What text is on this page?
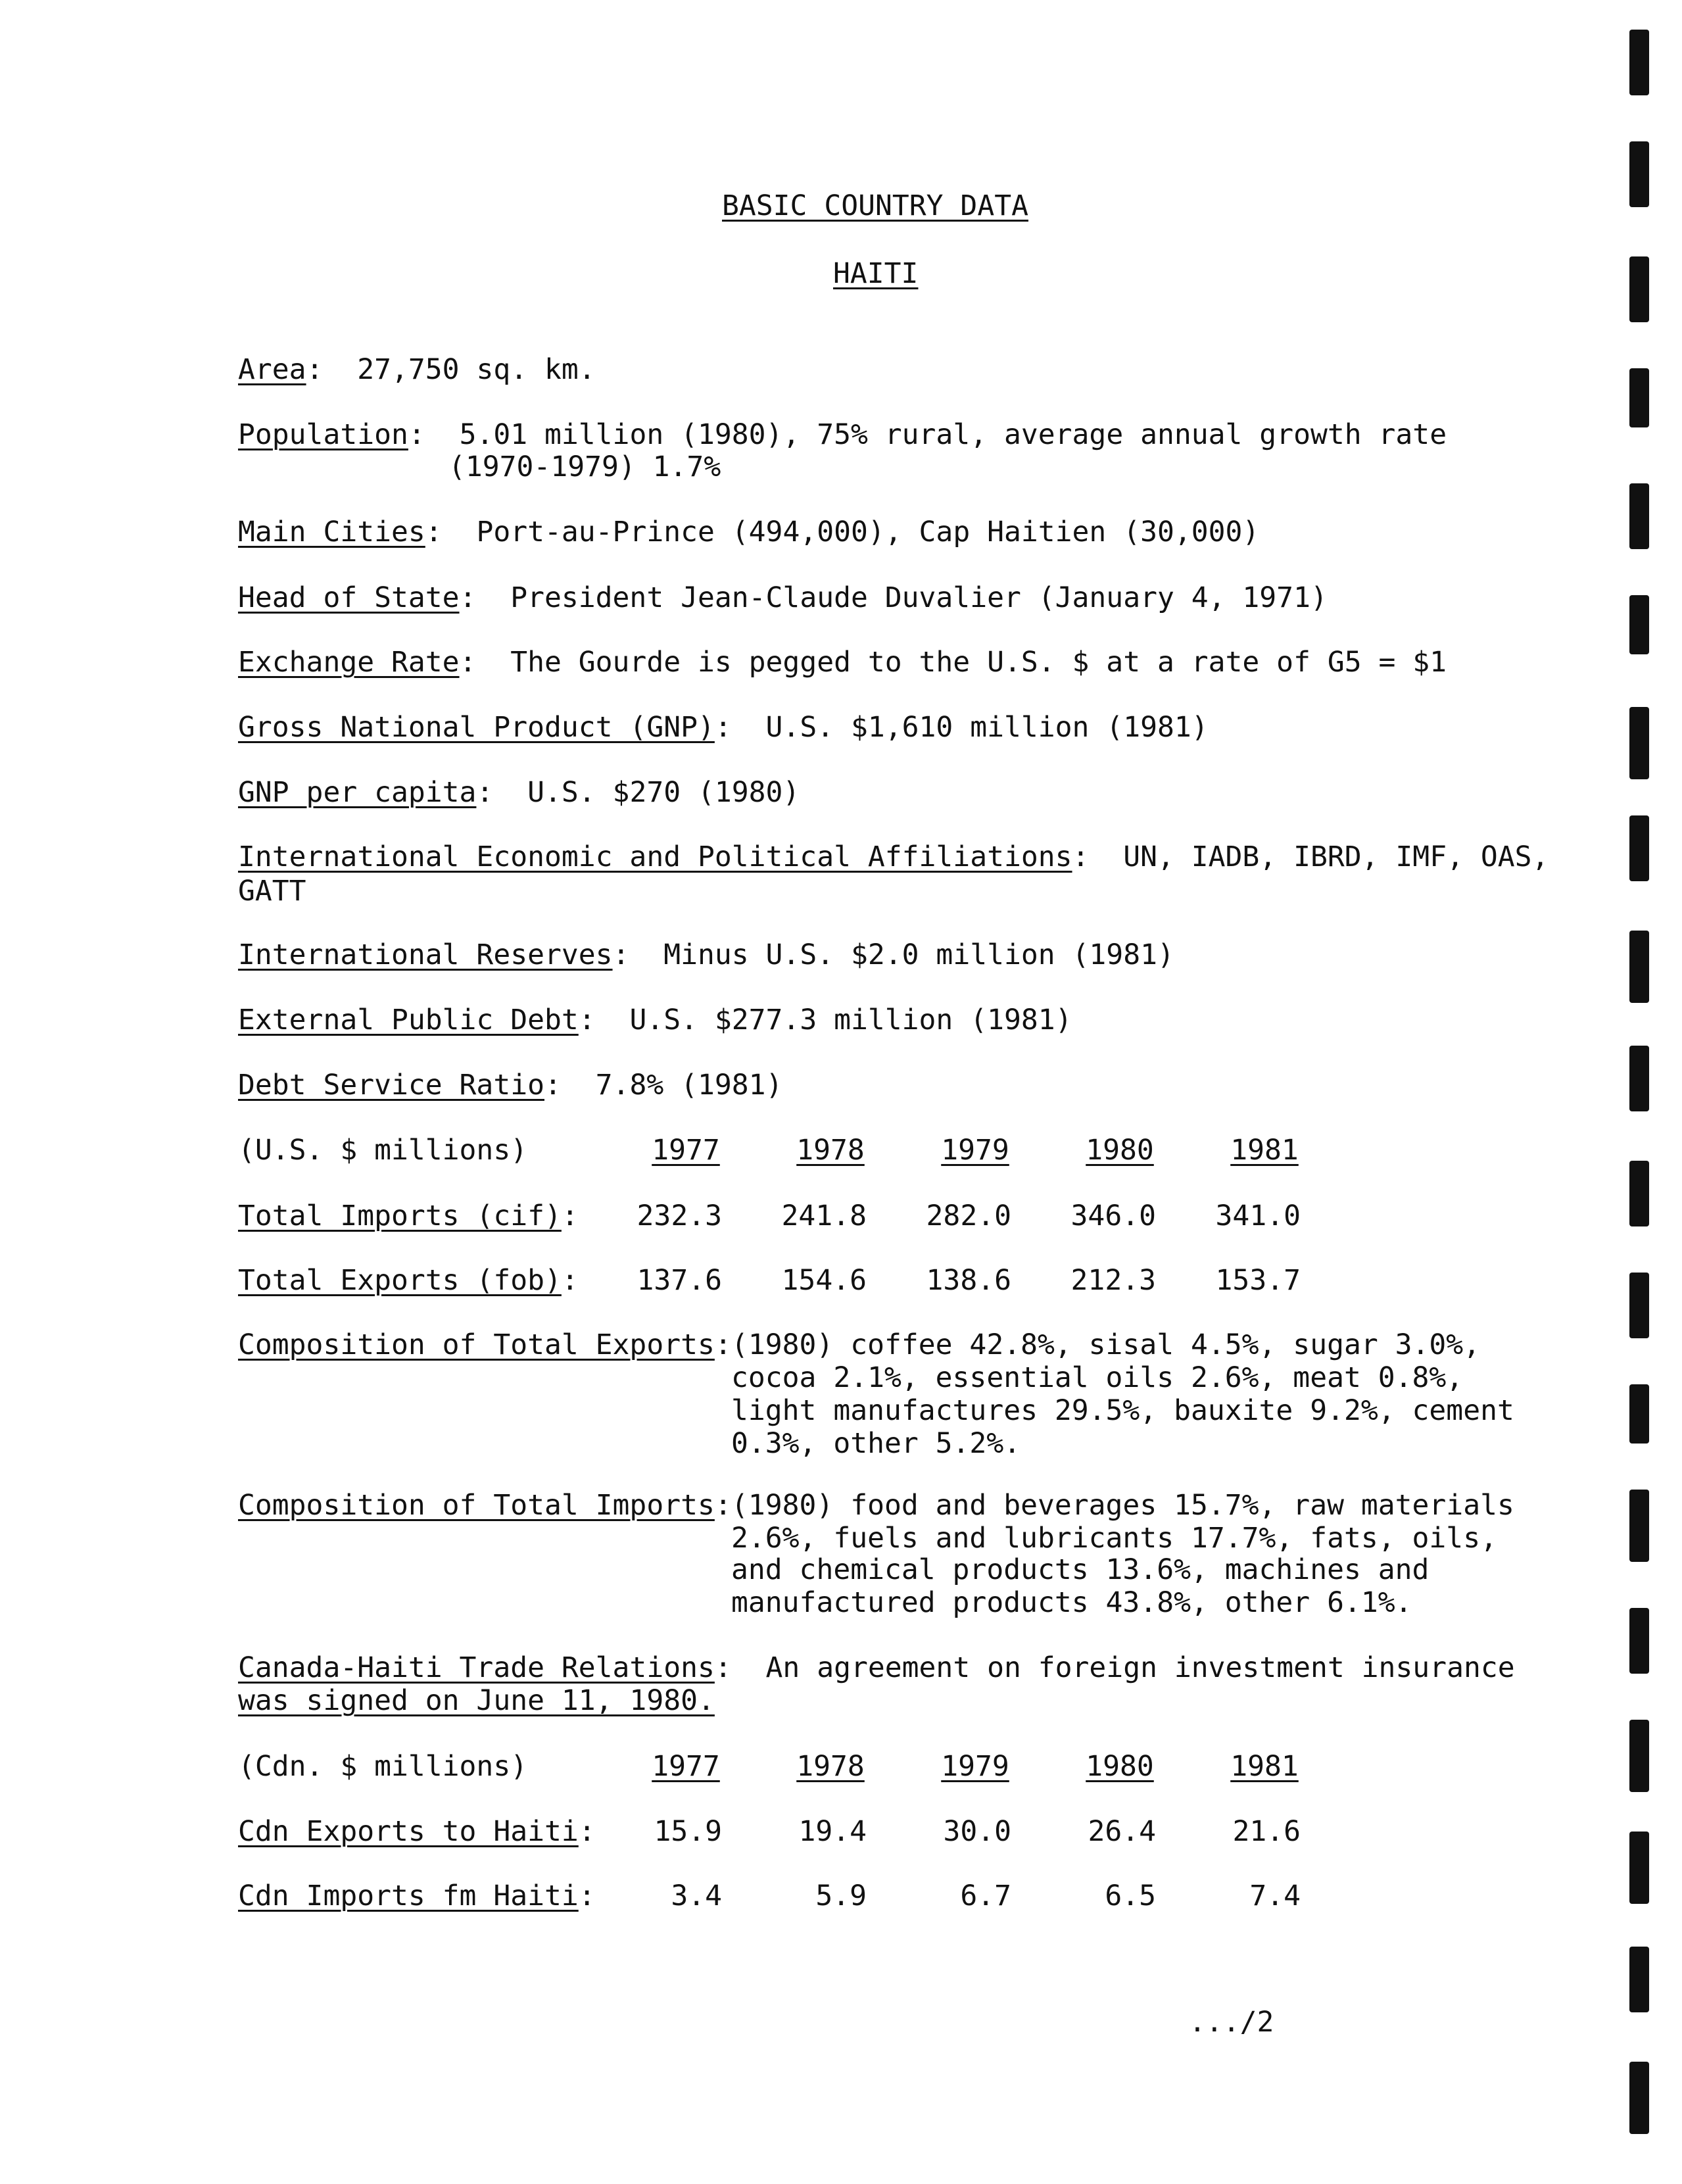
BASIC COUNTRY DATA
HAITI
Area:  27,750 sq. km.
Population:  5.01 million (1980), 75% rural, average annual growth rate
(1970-1979) 1.7%
Main Cities:  Port-au-Prince (494,000), Cap Haitien (30,000)
Head of State:  President Jean-Claude Duvalier (January 4, 1971)
Exchange Rate:  The Gourde is pegged to the U.S. $ at a rate of G5 = $1
Gross National Product (GNP):  U.S. $1,610 million (1981)
GNP per capita:  U.S. $270 (1980)
International Economic and Political Affiliations:  UN, IADB, IBRD, IMF, OAS,
GATT
International Reserves:  Minus U.S. $2.0 million (1981)
External Public Debt:  U.S. $277.3 million (1981)
Debt Service Ratio:  7.8% (1981)
(U.S. $ millions)	1977	1978	1979	1980	1981
Total Imports (cif): 232.3 241.8 282.0 346.0 341.0
Total Exports (fob): 137.6 154.6 138.6 212.3 153.7
Composition of Total Exports: (1980) coffee 42.8%, sisal 4.5%, sugar 3.0%,
cocoa 2.1%, essential oils 2.6%, meat 0.8%,
light manufactures 29.5%, bauxite 9.2%, cement
0.3%, other 5.2%.
Composition of Total Imports: (1980) food and beverages 15.7%, raw materials
2.6%, fuels and lubricants 17.7%, fats, oils,
and chemical products 13.6%, machines and
manufactured products 43.8%, other 6.1%.
Canada-Haiti Trade Relations:  An agreement on foreign investment insurance
was signed on June 11, 1980.
(Cdn. $ millions)	1977	1978	1979	1980	1981
Cdn Exports to Haiti:	15.9	19.4	30.0	26.4	21.6
Cdn Imports fm Haiti:	3.4	5.9	6.7	6.5	7.4
.../2
